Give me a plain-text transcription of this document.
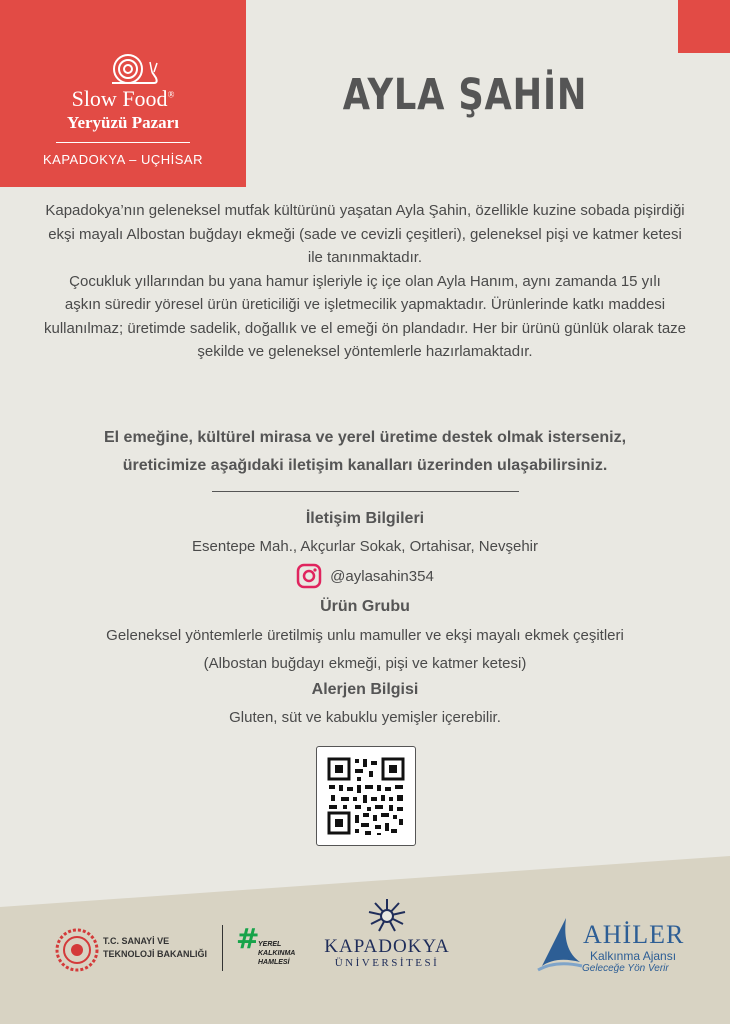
Slow Food®
Yeryüzü Pazarı
KAPADOKYA – UÇHİSAR
AYLA ŞAHİN
Kapadokya’nın geleneksel mutfak kültürünü yaşatan Ayla Şahin, özellikle kuzine sobada pişirdiği
ekşi mayalı Albostan buğdayı ekmeği (sade ve cevizli çeşitleri), geleneksel pişi ve katmer ketesi
ile tanınmaktadır.
Çocukluk yıllarından bu yana hamur işleriyle iç içe olan Ayla Hanım, aynı zamanda 15 yılı
aşkın süredir yöresel ürün üreticiliği ve işletmecilik yapmaktadır. Ürünlerinde katkı maddesi
kullanılmaz; üretimde sadelik, doğallık ve el emeği ön plandadır. Her bir ürünü günlük olarak taze
şekilde ve geleneksel yöntemlerle hazırlamaktadır.
El emeğine, kültürel mirasa ve yerel üretime destek olmak isterseniz,
üreticimize aşağıdaki iletişim kanalları üzerinden ulaşabilirsiniz.
İletişim Bilgileri
Esentepe Mah., Akçurlar Sokak, Ortahisar, Nevşehir
@aylasahin354
Ürün Grubu
Geleneksel yöntemlerle üretilmiş unlu mamuller ve ekşi mayalı ekmek çeşitleri
(Albostan buğdayı ekmeği, pişi ve katmer ketesi)
Alerjen Bilgisi
Gluten, süt ve kabuklu yemişler içerebilir.
T.C. SANAYİ VE
TEKNOLOJİ BAKANLIĞI #
YEREL
KALKINMA
HAMLESİ
KAPADOKYA
ÜNİVERSİTESİ
AHİLER
Kalkınma Ajansı
Geleceğe Yön Verir
